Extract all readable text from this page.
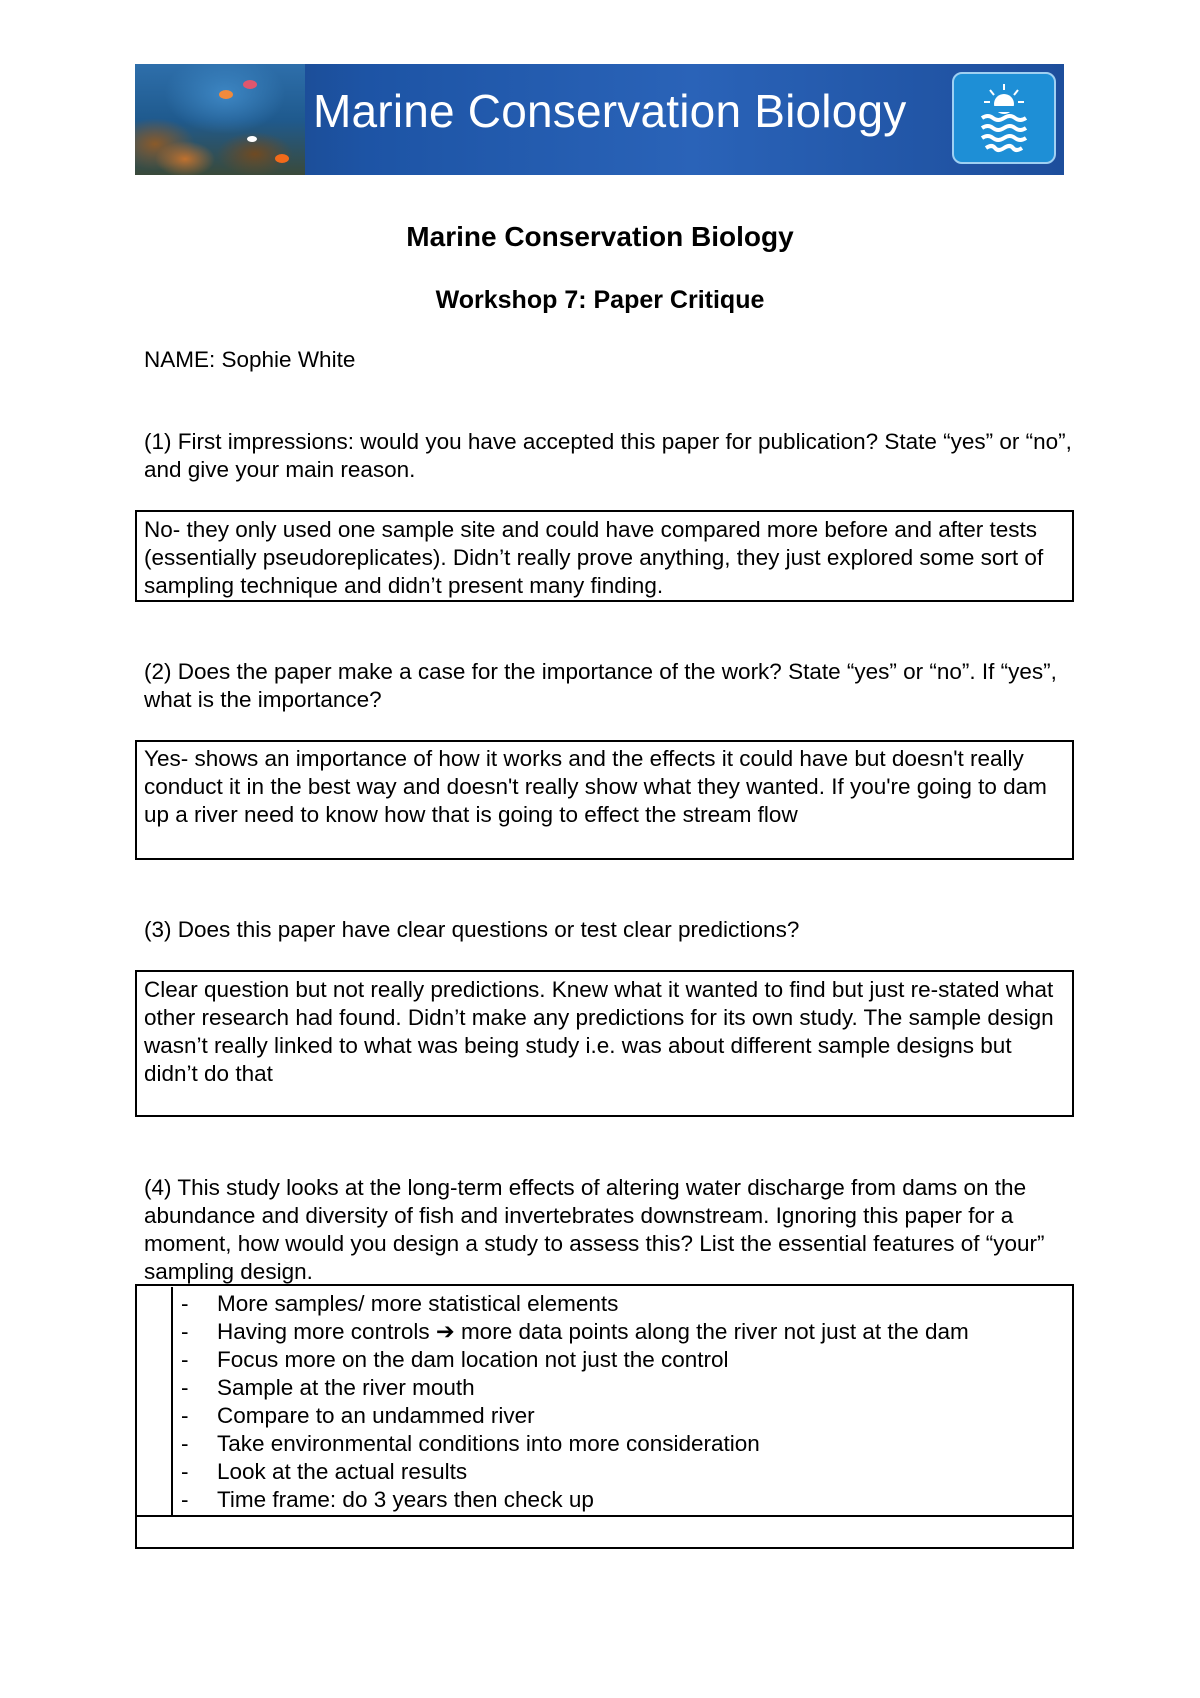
Marine Conservation Biology
Marine Conservation Biology
Workshop 7: Paper Critique
NAME: Sophie White
(1) First impressions: would you have accepted this paper for publication? State “yes” or “no”, and give your main reason.
No- they only used one sample site and could have compared more before and after tests (essentially pseudoreplicates). Didn’t really prove anything, they just explored some sort of sampling technique and didn’t present many finding.
(2) Does the paper make a case for the importance of the work? State “yes” or “no”. If “yes”, what is the importance?
Yes- shows an importance of how it works and the effects it could have but doesn't really conduct it in the best way and doesn't really show what they wanted. If you're going to dam up a river need to know how that is going to effect the stream flow
(3) Does this paper have clear questions or test clear predictions?
Clear question but not really predictions. Knew what it wanted to find but just re-stated what other research had found. Didn’t make any predictions for its own study. The sample design wasn’t really linked to what was being study i.e. was about different sample designs but didn’t do that
(4) This study looks at the long-term effects of altering water discharge from dams on the abundance and diversity of fish and invertebrates downstream. Ignoring this paper for a moment, how would you design a study to assess this? List the essential features of “your” sampling design.
- More samples/ more statistical elements
- Having more controls ➔ more data points along the river not just at the dam
- Focus more on the dam location not just the control
- Sample at the river mouth
- Compare to an undammed river
- Take environmental conditions into more consideration
- Look at the actual results
- Time frame: do 3 years then check up
